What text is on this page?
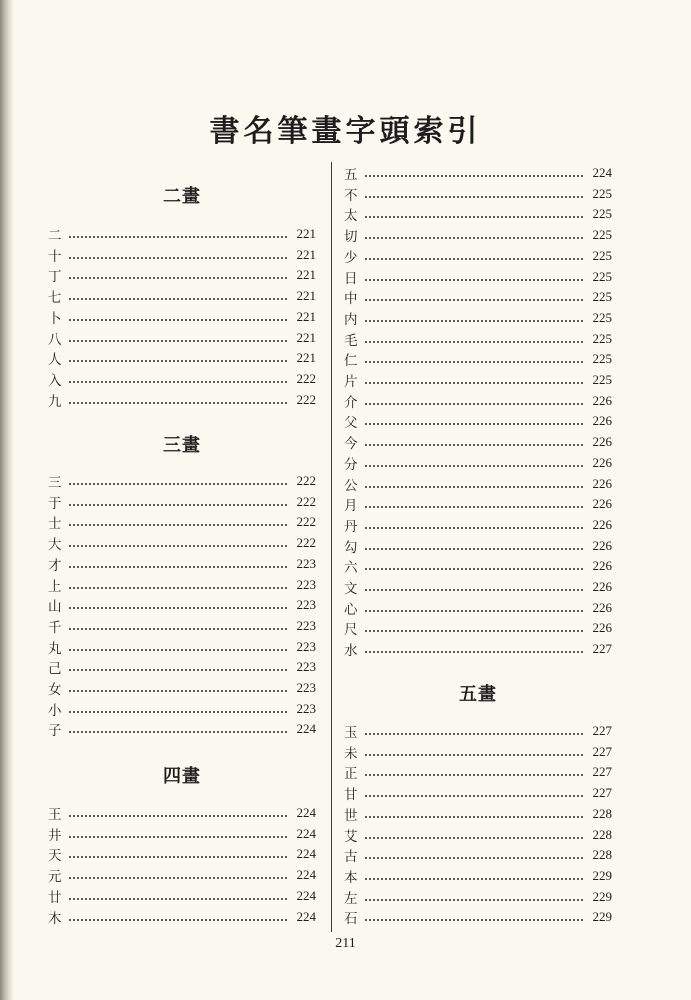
書名筆畫字頭索引
二畫
二	221
十	221
丁	221
七	221
卜	221
八	221
人	221
入	222
九	222
三畫
三	222
于	222
士	222
大	222
才	223
上	223
山	223
千	223
丸	223
己	223
女	223
小	223
子	224
四畫
王	224
井	224
天	224
元	224
廿	224
木	224
五	224
不	225
太	225
切	225
少	225
日	225
中	225
内	225
毛	225
仁	225
片	225
介	226
父	226
今	226
分	226
公	226
月	226
丹	226
勾	226
六	226
文	226
心	226
尺	226
水	227
五畫
玉	227
未	227
正	227
甘	227
世	228
艾	228
古	228
本	229
左	229
石	229
211
